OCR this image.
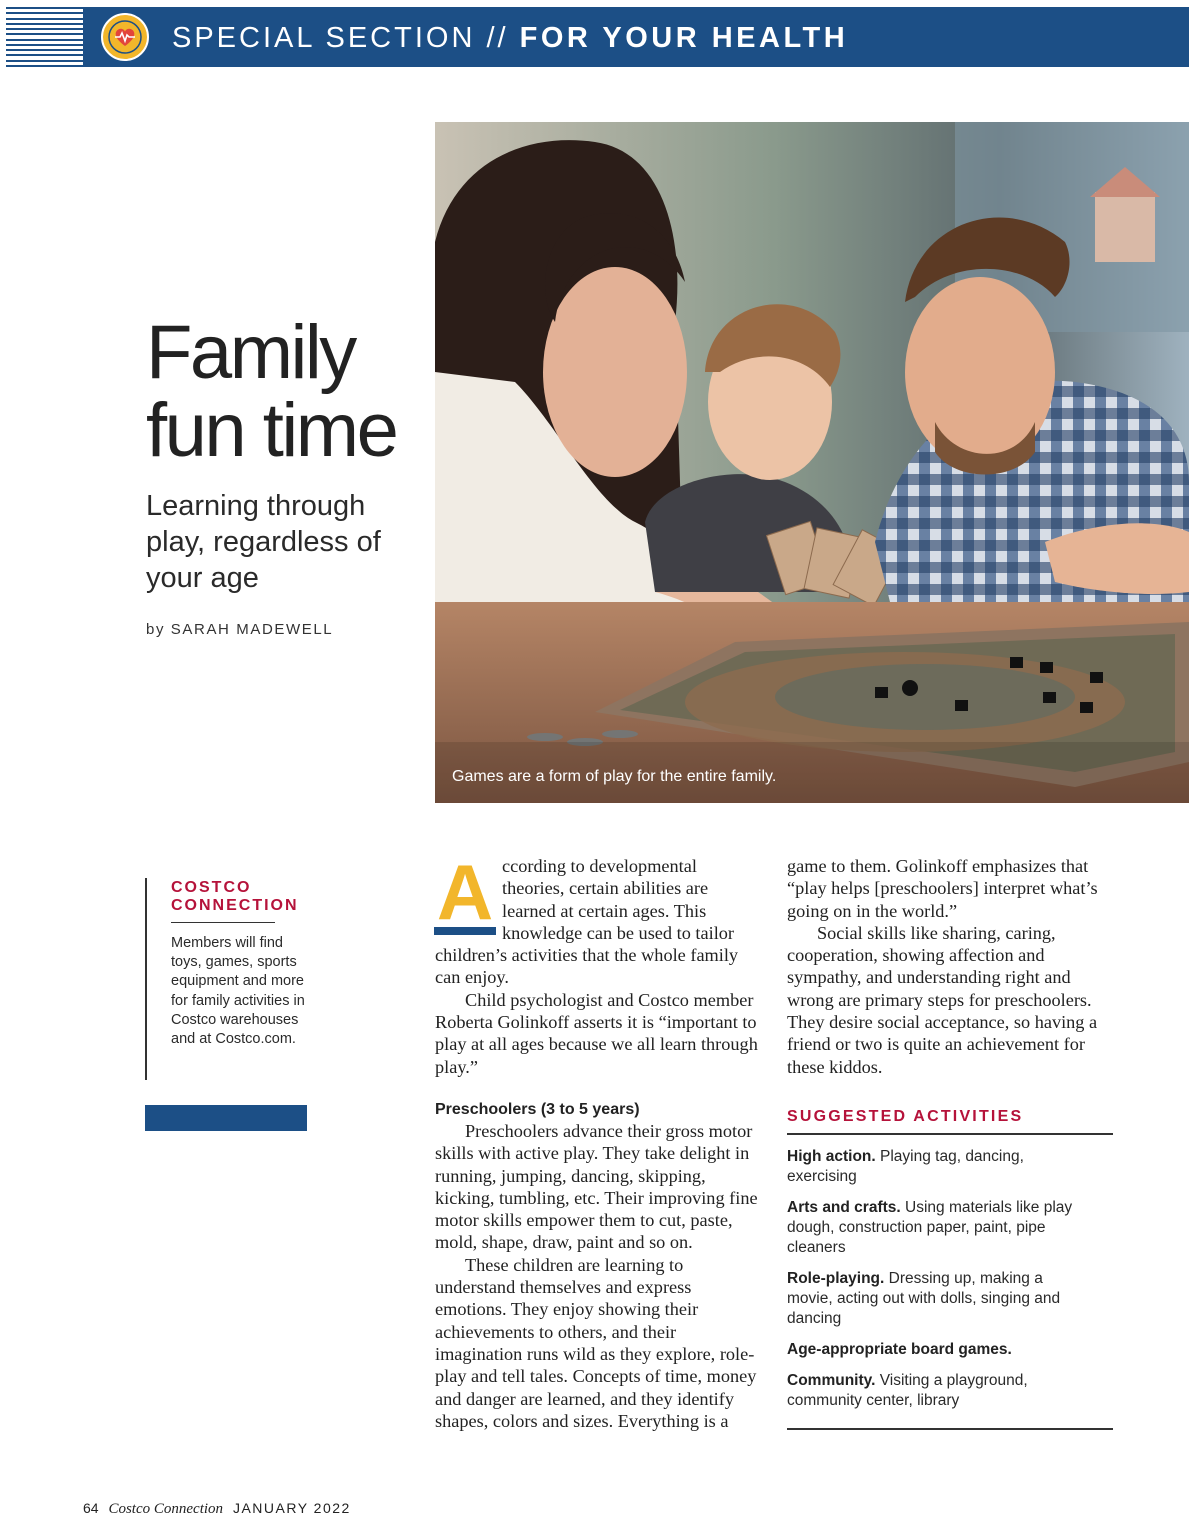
SPECIAL SECTION // FOR YOUR HEALTH
Family
fun time
Learning through play, regardless of your age
by SARAH MADEWELL
Games are a form of play for the entire family.
COSTCO CONNECTION
Members will find toys, games, sports equipment and more for family activities in Costco warehouses and at Costco.com.

A ccording to developmental theories, certain abilities are learned at certain ages. This knowledge can be used to tailor children’s activities that the whole family can enjoy.

Child psychologist and Costco member Roberta Golinkoff asserts it is “important to play at all ages because we all learn through play.”

Preschoolers (3 to 5 years)

Preschoolers advance their gross motor skills with active play. They take delight in running, jumping, dancing, skipping, kicking, tumbling, etc. Their improving fine motor skills empower them to cut, paste, mold, shape, draw, paint and so on.

These children are learning to understand themselves and express emotions. They enjoy showing their achievements to others, and their imagination runs wild as they explore, role-play and tell tales. Concepts of time, money and danger are learned, and they identify shapes, colors and sizes. Everything is a

game to them. Golinkoff emphasizes that “play helps [preschoolers] interpret what’s going on in the world.”

Social skills like sharing, caring, cooperation, showing affection and sympathy, and understanding right and wrong are primary steps for preschoolers. They desire social acceptance, so having a friend or two is quite an achievement for these kiddos.

SUGGESTED ACTIVITIES
High action. Playing tag, dancing, exercising
Arts and crafts. Using materials like play dough, construction paper, paint, pipe cleaners
Role-playing. Dressing up, making a movie, acting out with dolls, singing and dancing
Age-appropriate board games.
Community. Visiting a playground, community center, library
64 Costco Connection JANUARY 2022
